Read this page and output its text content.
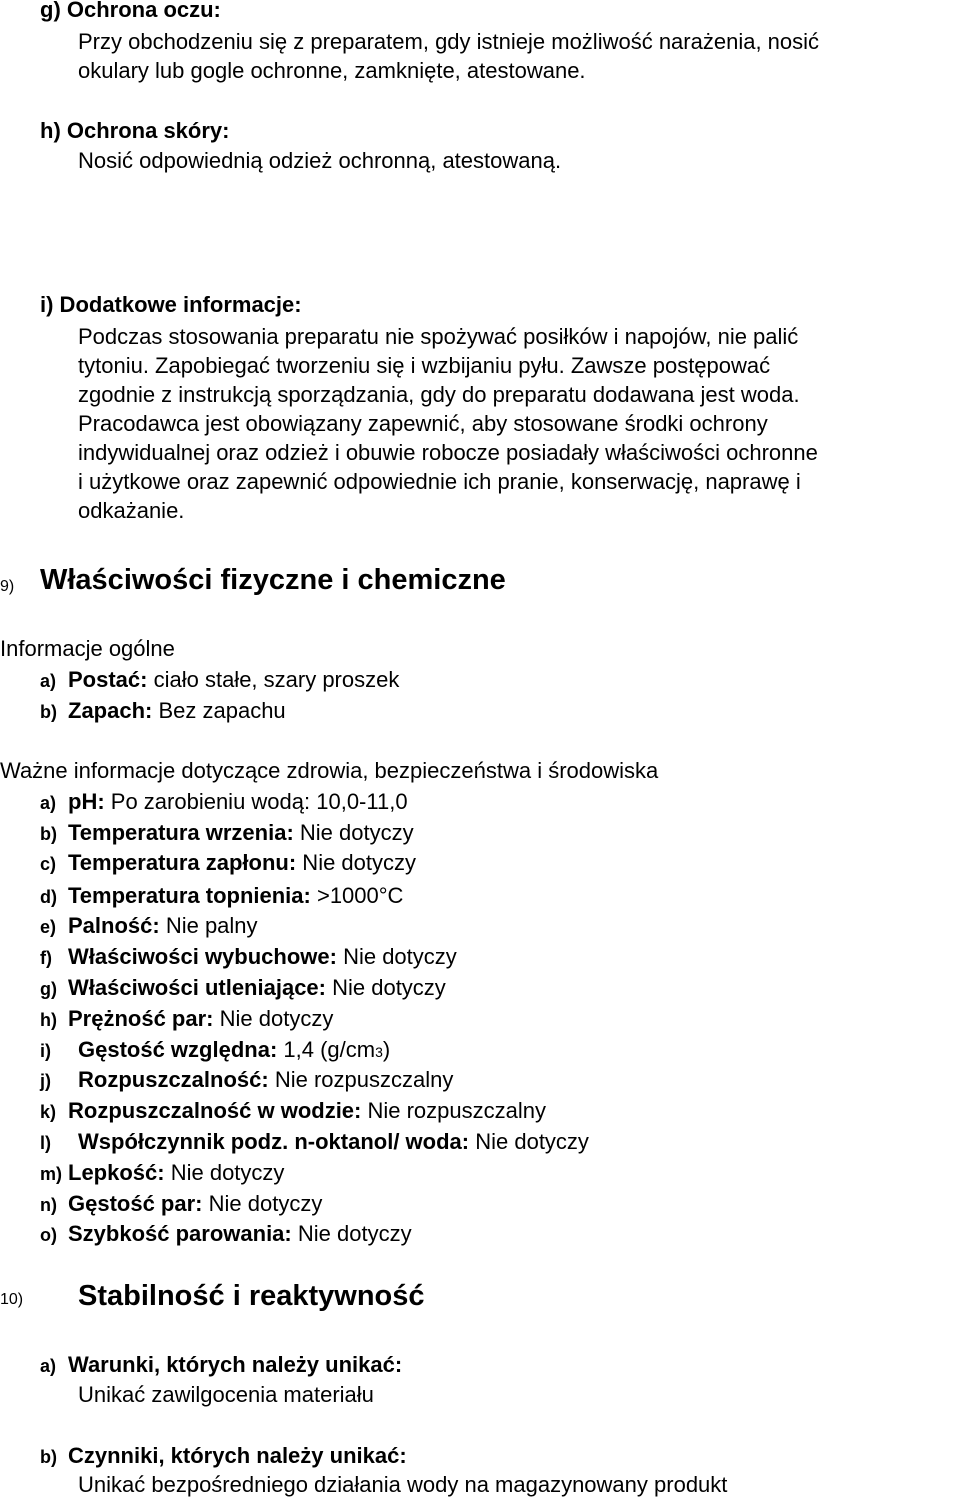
g) Ochrona oczu:
Przy obchodzeniu się z preparatem, gdy istnieje możliwość narażenia, nosić
okulary lub gogle ochronne, zamknięte, atestowane.
h) Ochrona skóry:
Nosić odpowiednią odzież ochronną, atestowaną.
i) Dodatkowe informacje:
Podczas stosowania preparatu nie spożywać posiłków i napojów, nie palić
tytoniu. Zapobiegać tworzeniu się i wzbijaniu pyłu. Zawsze postępować
zgodnie z instrukcją sporządzania, gdy do preparatu dodawana jest woda.
Pracodawca jest obowiązany zapewnić, aby stosowane środki ochrony
indywidualnej oraz odzież i obuwie robocze posiadały właściwości ochronne
i użytkowe oraz zapewnić odpowiednie ich pranie, konserwację, naprawę i
odkażanie.
9) Właściwości fizyczne i chemiczne
Informacje ogólne
a) Postać: ciało stałe, szary proszek
b) Zapach: Bez zapachu
Ważne informacje dotyczące zdrowia, bezpieczeństwa i środowiska
a) pH: Po zarobieniu wodą: 10,0-11,0
b) Temperatura wrzenia: Nie dotyczy
c) Temperatura zapłonu: Nie dotyczy
d) Temperatura topnienia: >1000°C
e) Palność: Nie palny
f) Właściwości wybuchowe: Nie dotyczy
g) Właściwości utleniające: Nie dotyczy
h) Prężność par: Nie dotyczy
i) Gęstość względna: 1,4 (g/cm3)
j) Rozpuszczalność: Nie rozpuszczalny
k) Rozpuszczalność w wodzie: Nie rozpuszczalny
l) Współczynnik podz. n-oktanol/ woda: Nie dotyczy
m) Lepkość: Nie dotyczy
n) Gęstość par: Nie dotyczy
o) Szybkość parowania: Nie dotyczy
10) Stabilność i reaktywność
a) Warunki, których należy unikać:
Unikać zawilgocenia materiału
b) Czynniki, których należy unikać:
Unikać bezpośredniego działania wody na magazynowany produkt
